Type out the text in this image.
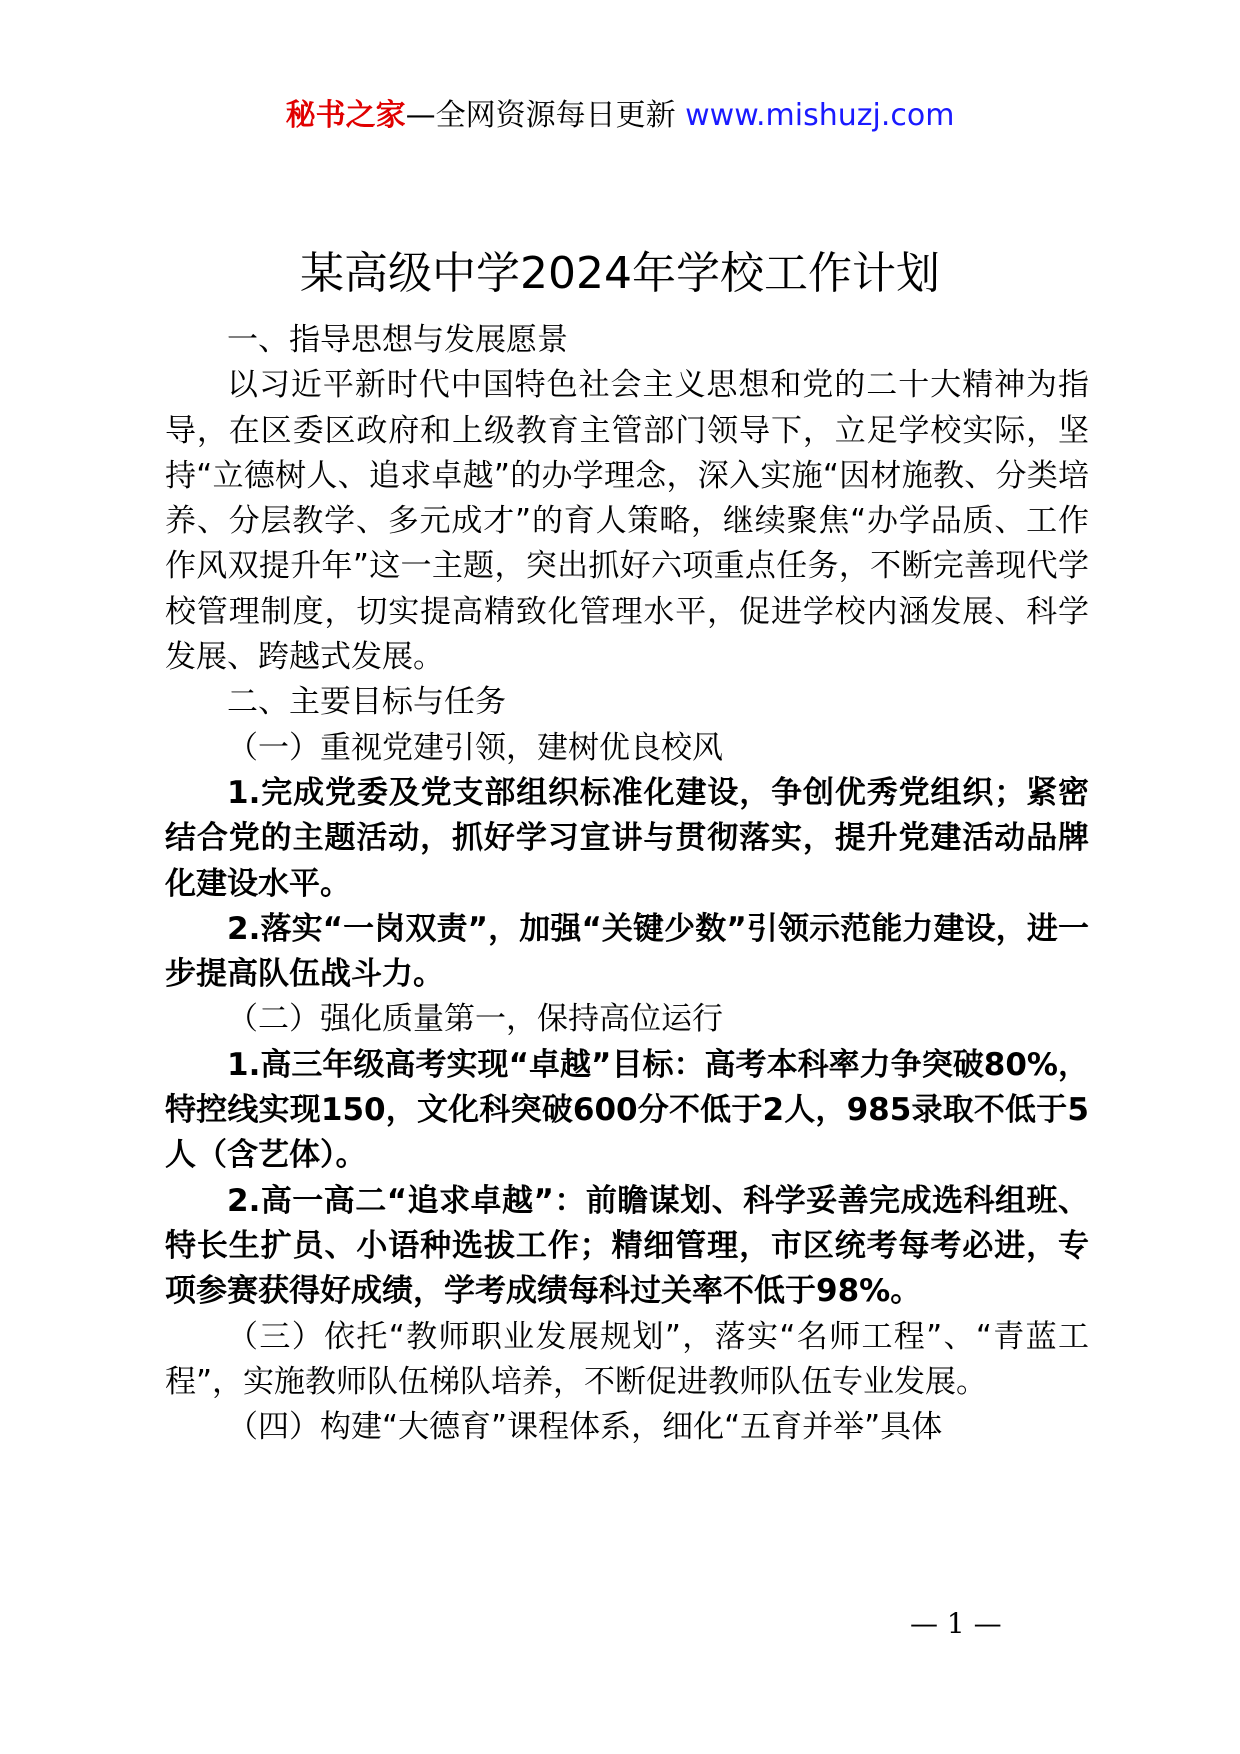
秘书之家—全网资源每日更新 www.mishuzj.com
某高级中学2024年学校工作计划

一、指导思想与发展愿景

以习近平新时代中国特色社会主义思想和党的二十大精神为指导，在区委区政府和上级教育主管部门领导下，立足学校实际，坚持“立德树人、追求卓越”的办学理念，深入实施“因材施教、分类培养、分层教学、多元成才”的育人策略，继续聚焦“办学品质、工作作风双提升年”这一主题，突出抓好六项重点任务，不断完善现代学校管理制度，切实提高精致化管理水平，促进学校内涵发展、科学发展、跨越式发展。

二、主要目标与任务

（一）重视党建引领，建树优良校风

1.完成党委及党支部组织标准化建设，争创优秀党组织；紧密结合党的主题活动，抓好学习宣讲与贯彻落实，提升党建活动品牌化建设水平。

2.落实“一岗双责”，加强“关键少数”引领示范能力建设，进一步提高队伍战斗力。

（二）强化质量第一，保持高位运行

1.高三年级高考实现“卓越”目标：高考本科率力争突破80%，特控线实现150，文化科突破600分不低于2人，985录取不低于5人（含艺体）。

2.高一高二“追求卓越”：前瞻谋划、科学妥善完成选科组班、特长生扩员、小语种选拔工作；精细管理，市区统考每考必进，专项参赛获得好成绩，学考成绩每科过关率不低于98%。

（三）依托“教师职业发展规划”，落实“名师工程”、“青蓝工程”，实施教师队伍梯队培养，不断促进教师队伍专业发展。

（四）构建“大德育”课程体系，细化“五育并举”具体

— 1 —
